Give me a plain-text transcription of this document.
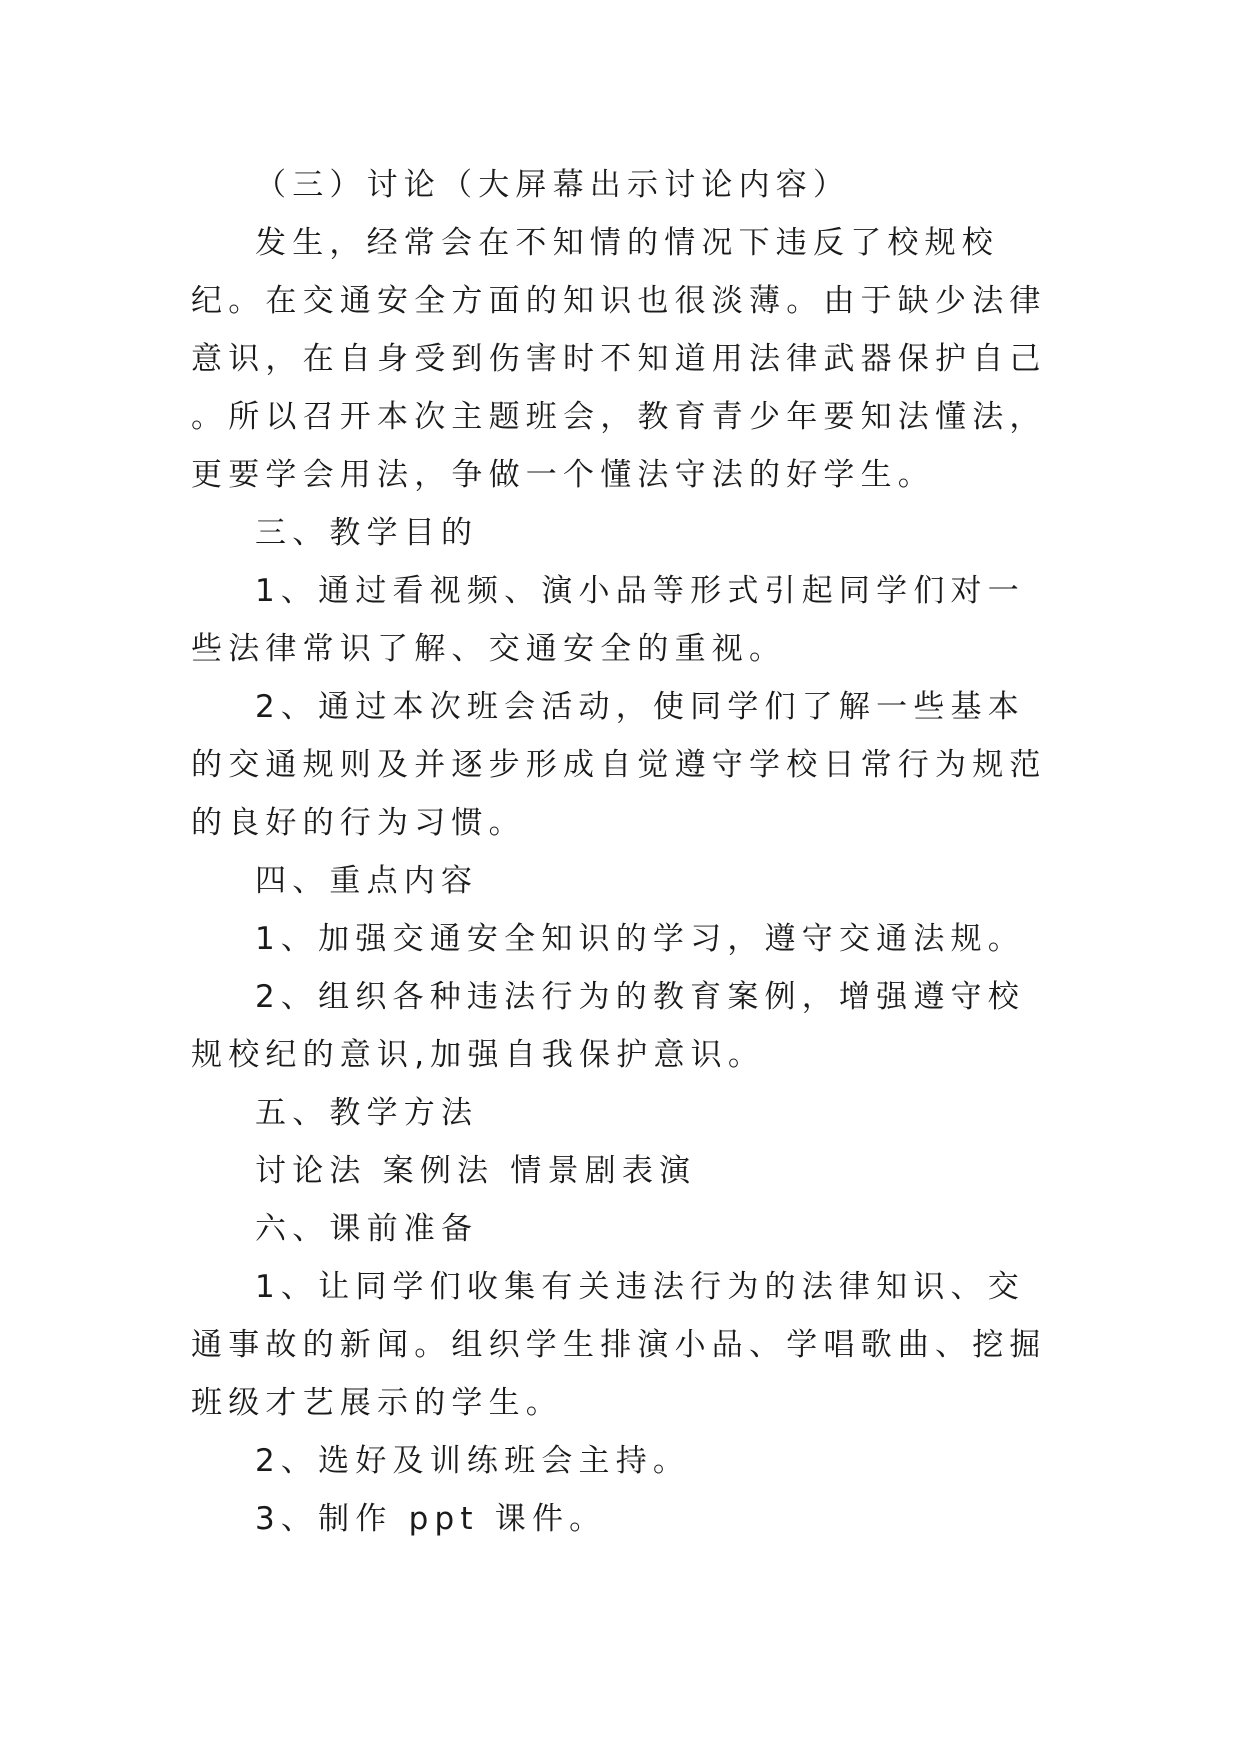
（三）讨论（大屏幕出示讨论内容）

发生，经常会在不知情的情况下违反了校规校纪。在交通安全方面的知识也很淡薄。由于缺少法律意识，在自身受到伤害时不知道用法律武器保护自己 。所以召开本次主题班会，教育青少年要知法懂法，更要学会用法，争做一个懂法守法的好学生。

三、教学目的

1、通过看视频、演小品等形式引起同学们对一些法律常识了解、交通安全的重视。

2、通过本次班会活动，使同学们了解一些基本的交通规则及并逐步形成自觉遵守学校日常行为规范的良好的行为习惯。

四、重点内容

1、加强交通安全知识的学习，遵守交通法规。

2、组织各种违法行为的教育案例，增强遵守校规校纪的意识,加强自我保护意识。

五、教学方法

讨论法 案例法 情景剧表演

六、课前准备

1、让同学们收集有关违法行为的法律知识、交通事故的新闻。组织学生排演小品、学唱歌曲、挖掘班级才艺展示的学生。

2、选好及训练班会主持。

3、制作 ppt 课件。
